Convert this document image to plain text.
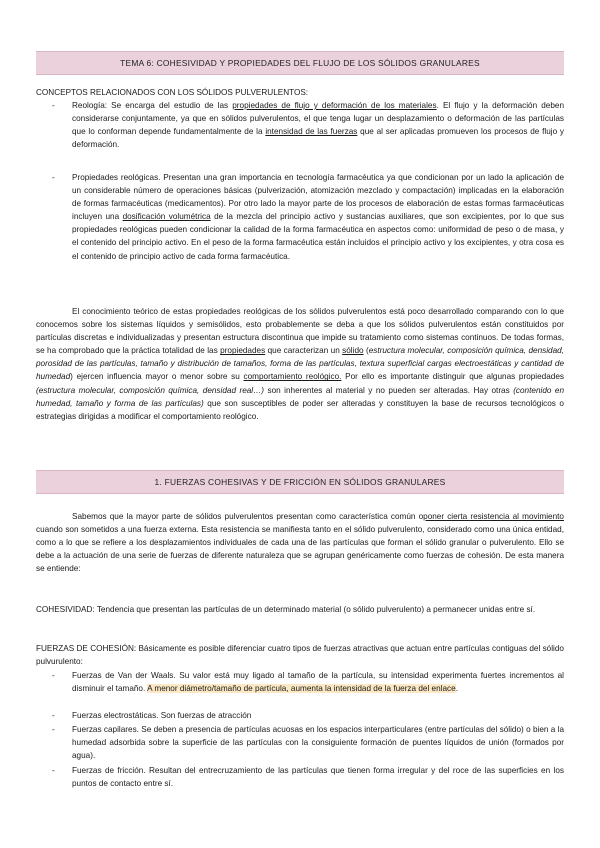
TEMA 6: COHESIVIDAD Y PROPIEDADES DEL FLUJO DE LOS SÓLIDOS GRANULARES

CONCEPTOS RELACIONADOS CON LOS SÓLIDOS PULVERULENTOS:

- Reología: Se encarga del estudio de las propiedades de flujo y deformación de los materiales. El flujo y la deformación deben considerarse conjuntamente, ya que en sólidos pulverulentos, el que tenga lugar un desplazamiento o deformación de las partículas que lo conforman depende fundamentalmente de la intensidad de las fuerzas que al ser aplicadas promueven los procesos de flujo y deformación.

- Propiedades reológicas. Presentan una gran importancia en tecnología farmacéutica ya que condicionan por un lado la aplicación de un considerable número de operaciones básicas (pulverización, atomización mezclado y compactación) implicadas en la elaboración de formas farmacéuticas (medicamentos). Por otro lado la mayor parte de los procesos de elaboración de estas formas farmacéuticas incluyen una dosificación volumétrica de la mezcla del principio activo y sustancias auxiliares, que son excipientes, por lo que sus propiedades reológicas pueden condicionar la calidad de la forma farmacéutica en aspectos como: uniformidad de peso o de masa, y el contenido del principio activo. En el peso de la forma farmacéutica están incluidos el principio activo y los excipientes, y otra cosa es el contenido de principio activo de cada forma farmacéutica.

El conocimiento teórico de estas propiedades reológicas de los sólidos pulverulentos está poco desarrollado comparando con lo que conocemos sobre los sistemas líquidos y semisólidos, esto probablemente se deba a que los sólidos pulverulentos están constituidos por partículas discretas e individualizadas y presentan estructura discontinua que impide su tratamiento como sistemas continuos. De todas formas, se ha comprobado que la práctica totalidad de las propiedades que caracterizan un sólido (estructura molecular, composición química, densidad, porosidad de las partículas, tamaño y distribución de tamaños, forma de las partículas, textura superficial cargas electroestáticas y cantidad de humedad) ejercen influencia mayor o menor sobre su comportamiento reológico. Por ello es importante distinguir que algunas propiedades (estructura molecular, composición química, densidad real…) son inherentes al material y no pueden ser alteradas. Hay otras (contenido en humedad, tamaño y forma de las partículas) que son susceptibles de poder ser alteradas y constituyen la base de recursos tecnológicos o estrategias dirigidas a modificar el comportamiento reológico.

1. FUERZAS COHESIVAS Y DE FRICCIÓN EN SÓLIDOS GRANULARES

Sabemos que la mayor parte de sólidos pulverulentos presentan como característica común oponer cierta resistencia al movimiento cuando son sometidos a una fuerza externa. Esta resistencia se manifiesta tanto en el sólido pulverulento, considerado como una única entidad, como a lo que se refiere a los desplazamientos individuales de cada una de las partículas que forman el sólido granular o pulverulento. Ello se debe a la actuación de una serie de fuerzas de diferente naturaleza que se agrupan genéricamente como fuerzas de cohesión. De esta manera se entiende:

COHESIVIDAD: Tendencia que presentan las partículas de un determinado material (o sólido pulverulento) a permanecer unidas entre sí.

FUERZAS DE COHESIÓN: Básicamente es posible diferenciar cuatro tipos de fuerzas atractivas que actuan entre partículas contiguas del sólido pulvurulento:

- Fuerzas de Van der Waals. Su valor está muy ligado al tamaño de la partícula, su intensidad experimenta fuertes incrementos al disminuir el tamaño. A menor diámetro/tamaño de partícula, aumenta la intensidad de la fuerza del enlace.

- Fuerzas electrostáticas. Son fuerzas de atracción

- Fuerzas capilares. Se deben a presencia de partículas acuosas en los espacios interparticulares (entre partículas del sólido) o bien a la humedad adsorbida sobre la superficie de las partículas con la consiguiente formación de puentes líquidos de unión (formados por agua).

- Fuerzas de fricción. Resultan del entrecruzamiento de las partículas que tienen forma irregular y del roce de las superficies en los puntos de contacto entre sí.
